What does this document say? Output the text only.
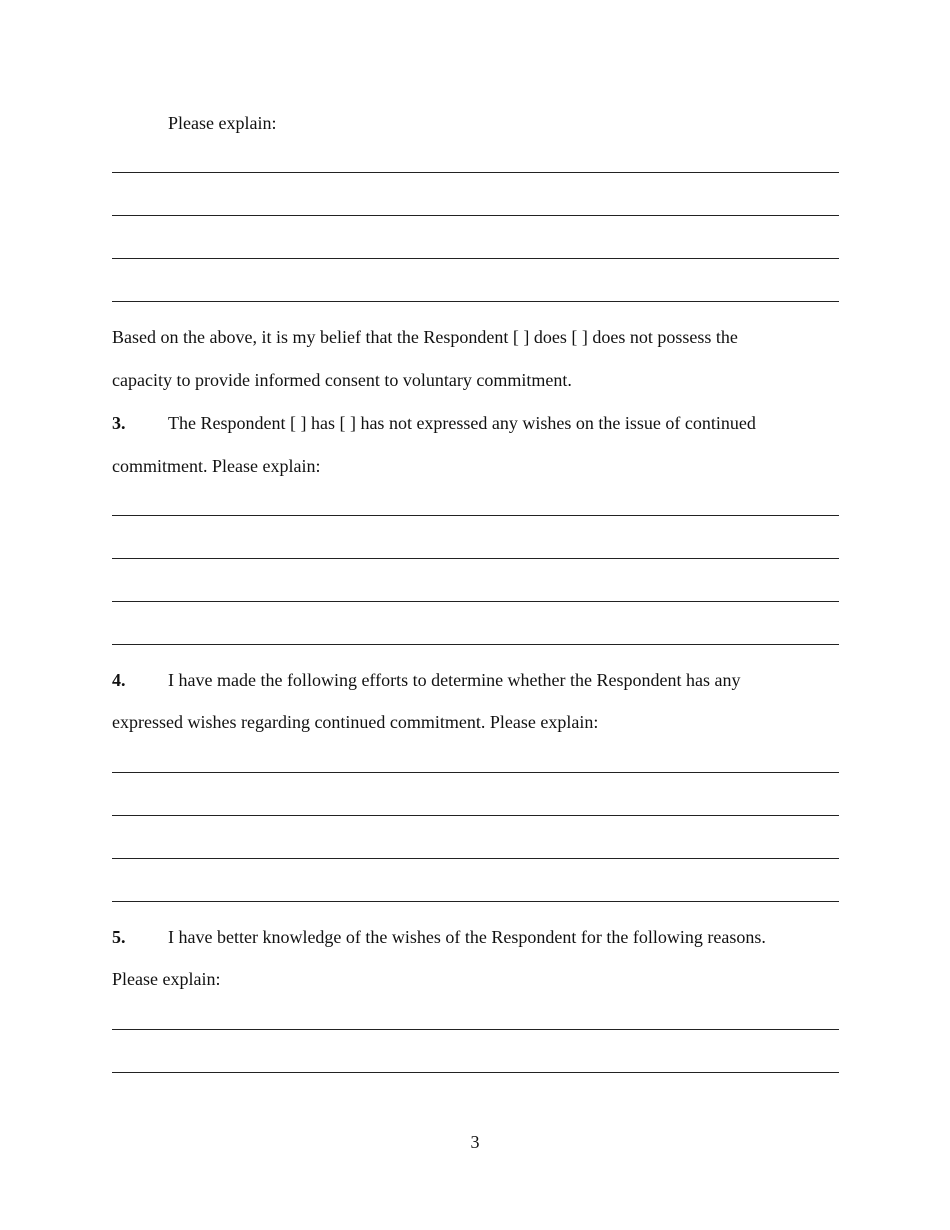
Please explain:
Based on the above, it is my belief that the Respondent [ ] does [ ] does not possess the
capacity to provide informed consent to voluntary commitment.
3. The Respondent [ ] has [ ] has not expressed any wishes on the issue of continued
commitment. Please explain:
4. I have made the following efforts to determine whether the Respondent has any
expressed wishes regarding continued commitment. Please explain:
5. I have better knowledge of the wishes of the Respondent for the following reasons.
Please explain:
3
